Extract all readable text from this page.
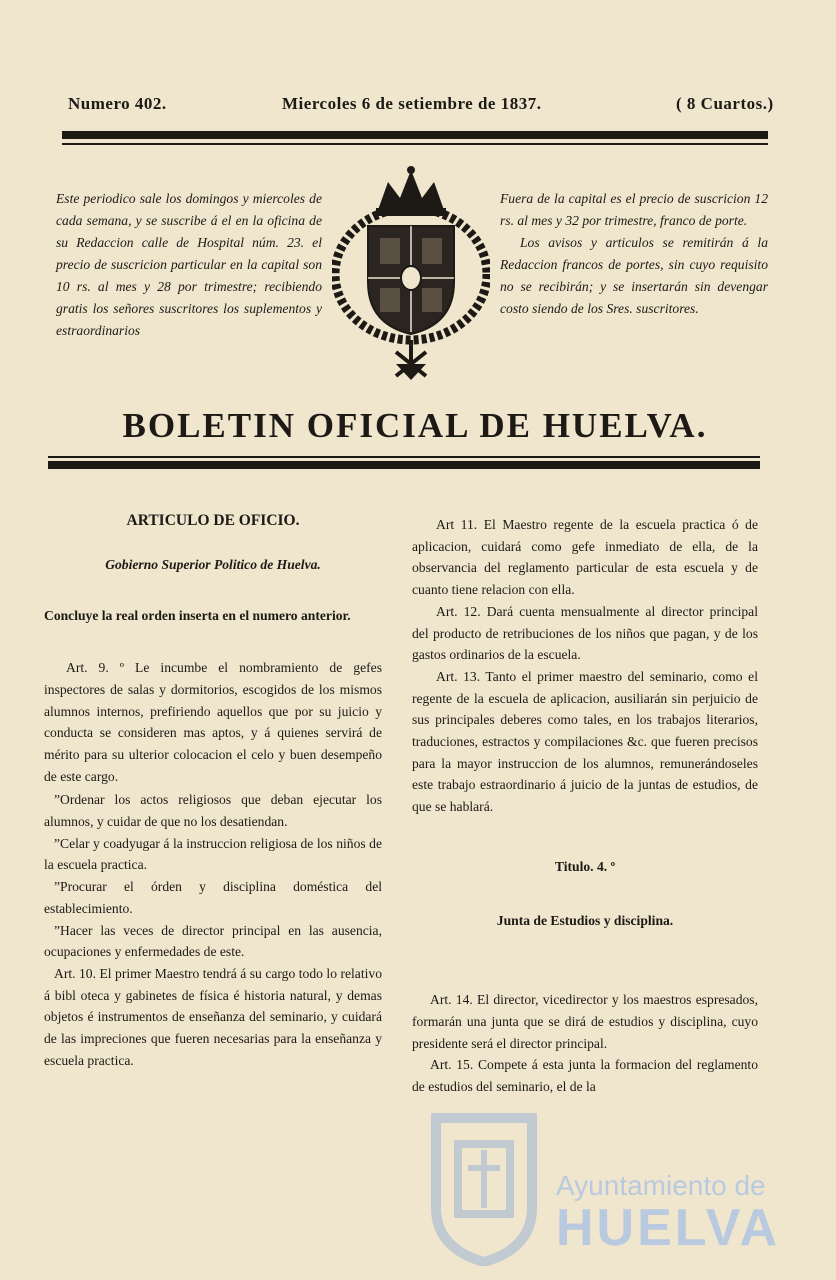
Numero 402.	Miercoles 6 de setiembre de 1837.	( 8 Cuartos.)
Este periodico sale los domingos y miercoles de cada semana, y se suscribe á el en la oficina de su Redaccion calle de Hospital núm. 23. el precio de suscricion particular en la capital son 10 rs. al mes y 28 por trimestre; recibiendo gratis los señores suscritores los suplementos y estraordinarios

Fuera de la capital es el precio de suscricion 12 rs. al mes y 32 por trimestre, franco de porte.

Los avisos y articulos se remitirán á la Redaccion francos de portes, sin cuyo requisito no se recibirán; y se insertarán sin devengar costo siendo de los Sres. suscritores.

BOLETIN OFICIAL DE HUELVA.
ARTICULO DE OFICIO.
Gobierno Superior Politico de Huelva.

Concluye la real orden inserta en el numero anterior.

Art. 9. º Le incumbe el nombramiento de gefes inspectores de salas y dormitorios, escogidos de los mismos alumnos internos, prefiriendo aquellos que por su juicio y conducta se consideren mas aptos, y á quienes servirá de mérito para su ulterior colocacion el celo y buen desempeño de este cargo.

”Ordenar los actos religiosos que deban ejecutar los alumnos, y cuidar de que no los desatiendan.

”Celar y coadyugar á la instruccion religiosa de los niños de la escuela practica.

”Procurar el órden y disciplina doméstica del establecimiento.

”Hacer las veces de director principal en las ausencia, ocupaciones y enfermedades de este.

Art. 10. El primer Maestro tendrá á su cargo todo lo relativo á bibl oteca y gabinetes de física é historia natural, y demas objetos é instrumentos de enseñanza del seminario, y cuidará de las impreciones que fueren necesarias para la enseñanza y escuela practica.

Art 11. El Maestro regente de la escuela practica ó de aplicacion, cuidará como gefe inmediato de ella, de la observancia del reglamento particular de esta escuela y de cuanto tiene relacion con ella.

Art. 12. Dará cuenta mensualmente al director principal del producto de retribuciones de los niños que pagan, y de los gastos ordinarios de la escuela.

Art. 13. Tanto el primer maestro del seminario, como el regente de la escuela de aplicacion, ausiliarán sin perjuicio de sus principales deberes como tales, en los trabajos literarios, traduciones, estractos y compilaciones &c. que fueren precisos para la mayor instruccion de los alumnos, remunerándoseles este trabajo estraordinario á juicio de la juntas de estudios, de que se hablará.

Titulo. 4. º
Junta de Estudios y disciplina.

Art. 14. El director, vicedirector y los maestros espresados, formarán una junta que se dirá de estudios y disciplina, cuyo presidente será el director principal.

Art. 15. Compete á esta junta la formacion del reglamento de estudios del seminario, el de la

Ayuntamiento de
HUELVA
